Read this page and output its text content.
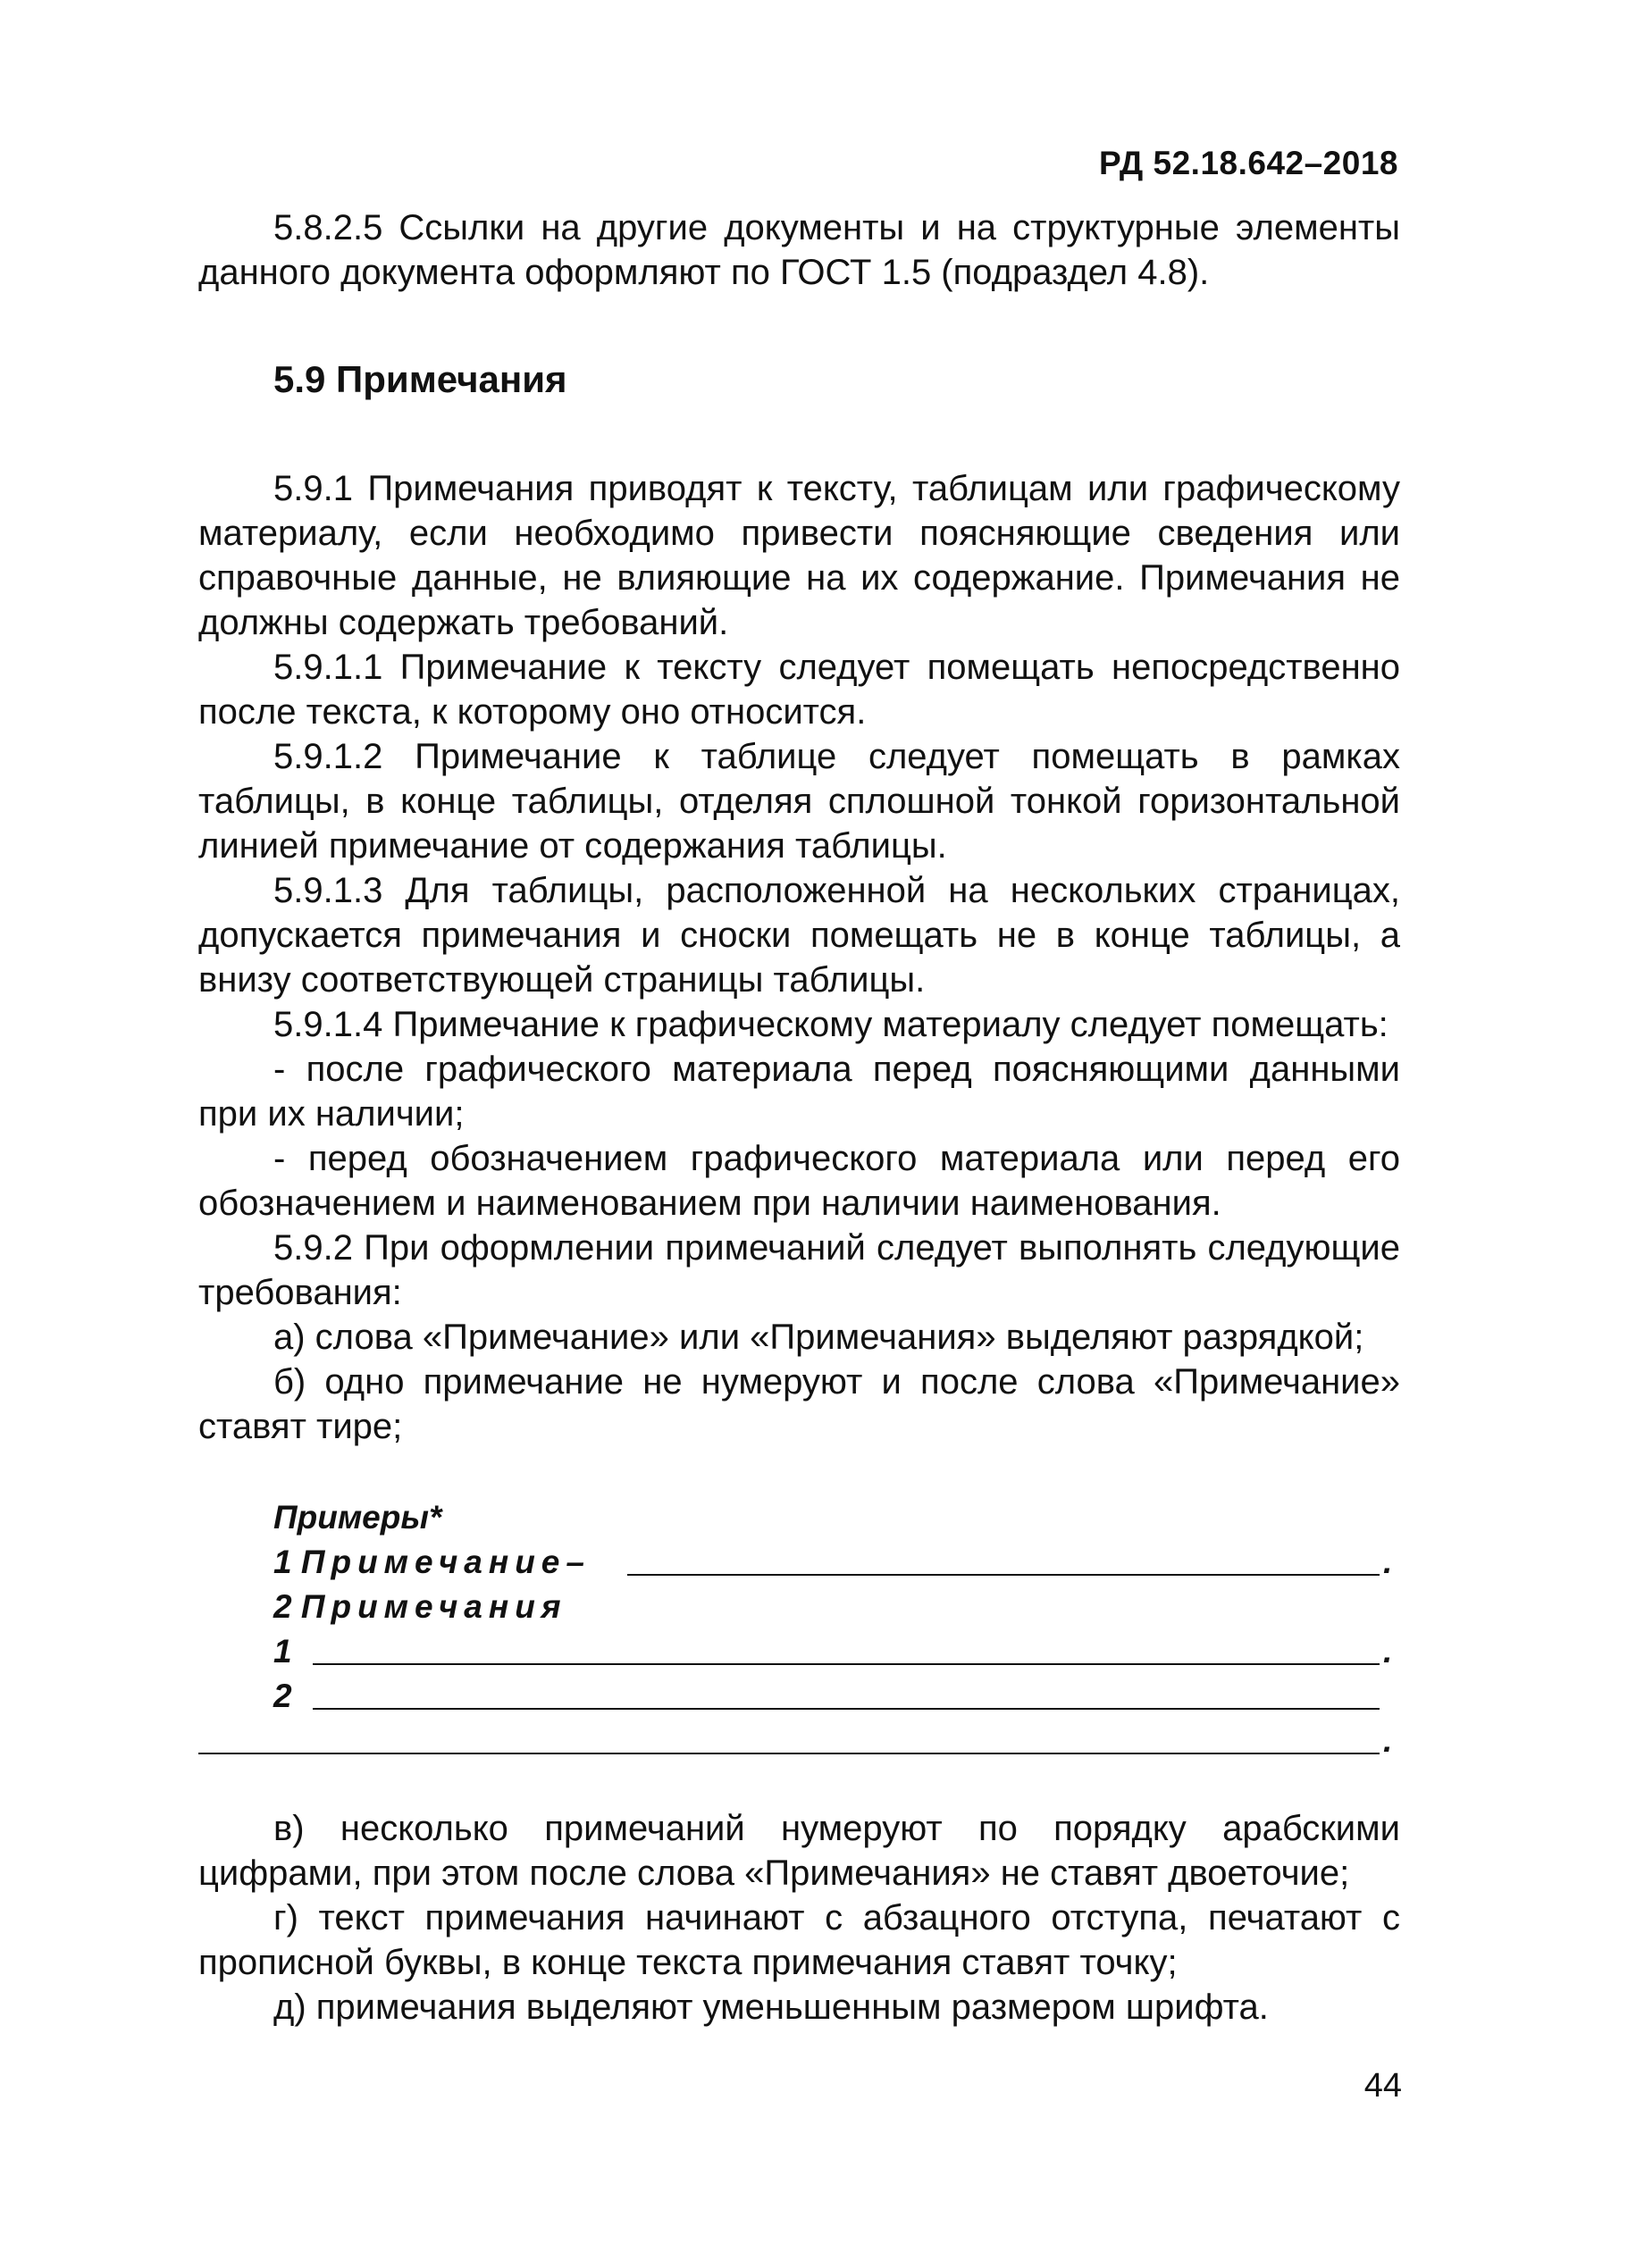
РД 52.18.642–2018

5.8.2.5 Ссылки на другие документы и на структурные элементы данного документа оформляют по ГОСТ 1.5 (подраздел 4.8).

5.9 Примечания

5.9.1 Примечания приводят к тексту, таблицам или графическому материалу, если необходимо привести поясняющие сведения или справочные данные, не влияющие на их содержание. Примечания не должны содержать требований.

5.9.1.1 Примечание к тексту следует помещать непосредственно после текста, к которому оно относится.

5.9.1.2 Примечание к таблице следует помещать в рамках таблицы, в конце таблицы, отделяя сплошной тонкой горизонтальной линией примечание от содержания таблицы.

5.9.1.3 Для таблицы, расположенной на нескольких страницах, допускается примечания и сноски помещать не в конце таблицы, а внизу соответствующей страницы таблицы.

5.9.1.4 Примечание к графическому материалу следует помещать:

- после графического материала перед поясняющими данными при их наличии;

- перед обозначением графического материала или перед его обозначением и наименованием при наличии наименования.

5.9.2 При оформлении примечаний следует выполнять следующие требования:

а) слова «Примечание» или «Примечания» выделяют разрядкой;

б) одно примечание не нумеруют и после слова «Примечание» ставят тире;

Примеры*
1 Примечание–	.
2 Примечания
1	.
2
.

в) несколько примечаний нумеруют по порядку арабскими цифрами, при этом после слова «Примечания» не ставят двоеточие;

г) текст примечания начинают с абзацного отступа, печатают с прописной буквы, в конце текста примечания ставят точку;

д) примечания выделяют уменьшенным размером шрифта.

44
